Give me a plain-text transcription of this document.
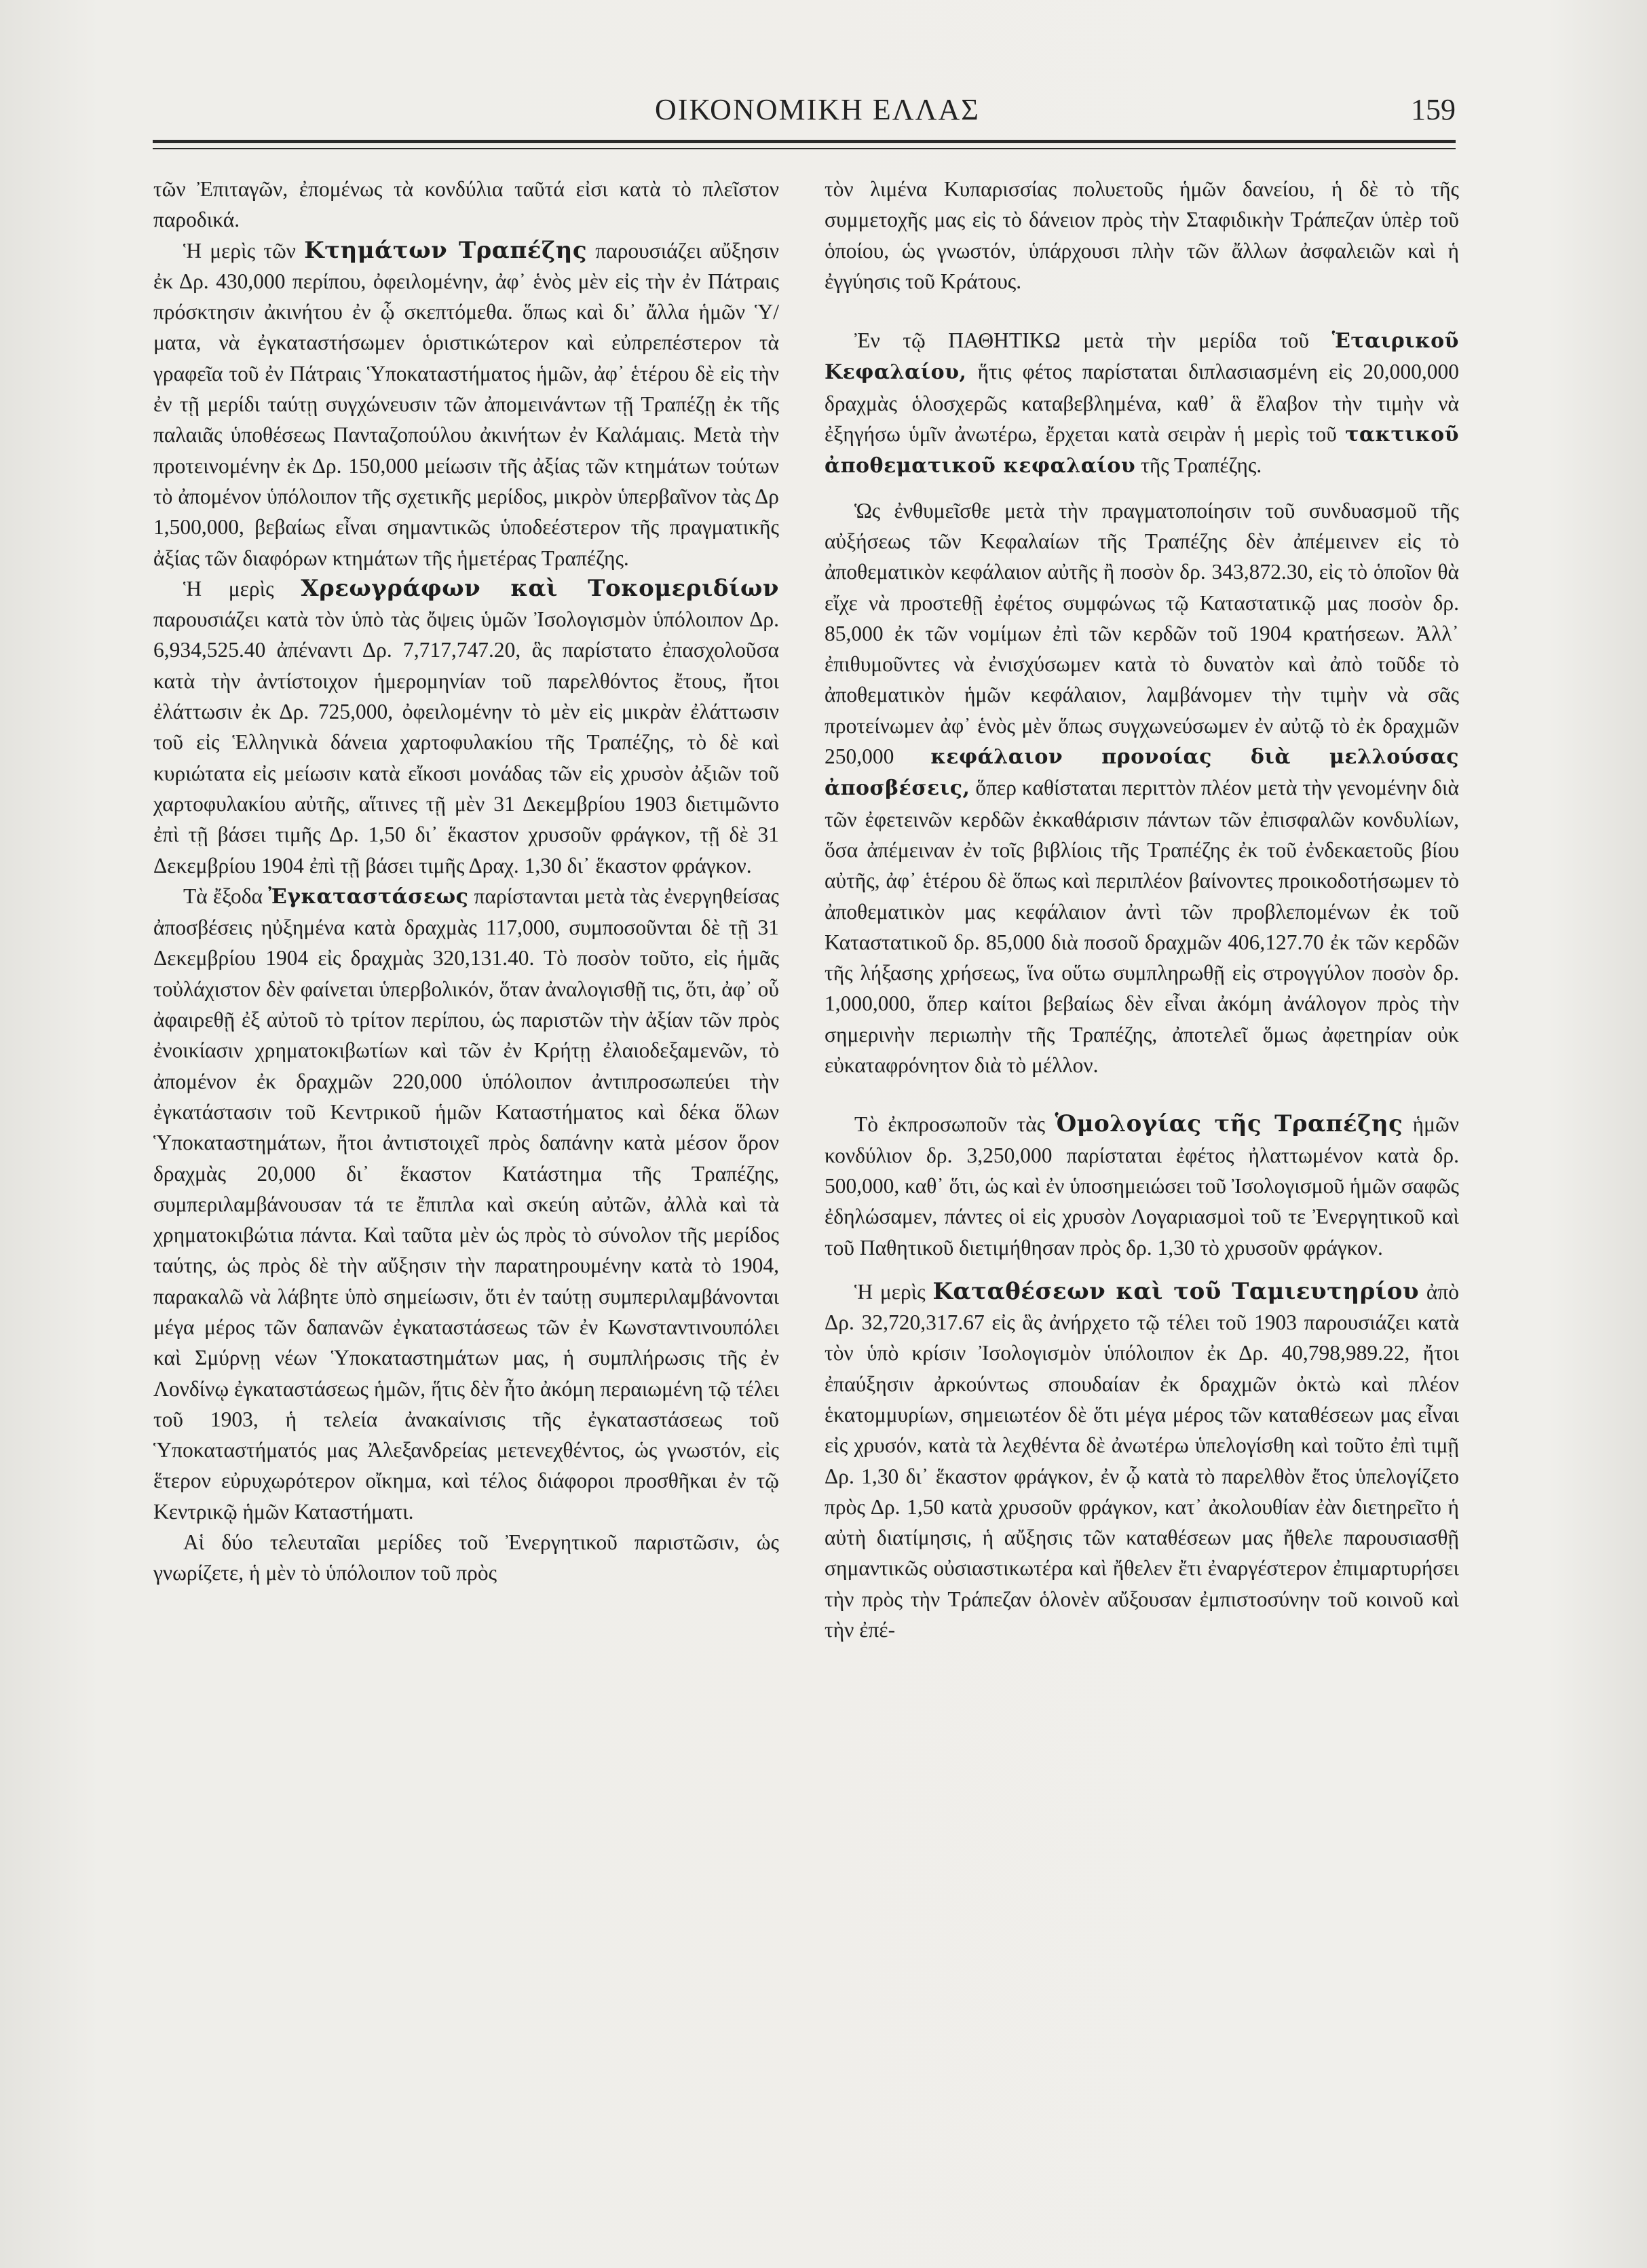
ΟΙΚΟΝΟΜΙΚΗ ΕΛΛΑΣ	159

τῶν Ἐπιταγῶν, ἐπομένως τὰ κονδύλια ταῦτά εἰσι κατὰ τὸ πλεῖστον παροδικά.

Ἡ μερὶς τῶν Κτημάτων Τραπέζης παρουσιάζει αὔξησιν ἐκ Δρ. 430,000 περίπου, ὀφειλομένην, ἀφ᾽ ἑνὸς μὲν εἰς τὴν ἐν Πάτραις πρόσκτησιν ἀκινήτου ἐν ᾧ σκεπτόμεθα. ὅπως καὶ δι᾽ ἄλλα ἡμῶν Ὑ/ματα, νὰ ἐγκαταστήσωμεν ὁριστικώτερον καὶ εὐπρεπέστερον τὰ γραφεῖα τοῦ ἐν Πάτραις Ὑποκαταστήματος ἡμῶν, ἀφ᾽ ἑτέρου δὲ εἰς τὴν ἐν τῇ μερίδι ταύτῃ συγχώνευσιν τῶν ἀπομεινάντων τῇ Τραπέζῃ ἐκ τῆς παλαιᾶς ὑποθέσεως Πανταζοπούλου ἀκινήτων ἐν Καλάμαις. Μετὰ τὴν προτεινομένην ἐκ Δρ. 150,000 μείωσιν τῆς ἀξίας τῶν κτημάτων τούτων τὸ ἀπομένον ὑπόλοιπον τῆς σχετικῆς μερίδος, μικρὸν ὑπερβαῖνον τὰς Δρ 1,500,000, βεβαίως εἶναι σημαντικῶς ὑποδεέστερον τῆς πραγματικῆς ἀξίας τῶν διαφόρων κτημάτων τῆς ἡμετέρας Τραπέζης.

Ἡ μερὶς Χρεωγράφων καὶ Τοκομεριδίων παρουσιάζει κατὰ τὸν ὑπὸ τὰς ὄψεις ὑμῶν Ἰσολογισμὸν ὑπόλοιπον Δρ. 6,934,525.40 ἀπέναντι Δρ. 7,717,747.20, ἃς παρίστατο ἐπασχολοῦσα κατὰ τὴν ἀντίστοιχον ἡμερομηνίαν τοῦ παρελθόντος ἔτους, ἤτοι ἐλάττωσιν ἐκ Δρ. 725,000, ὀφειλομένην τὸ μὲν εἰς μικρὰν ἐλάττωσιν τοῦ εἰς Ἑλληνικὰ δάνεια χαρτοφυλακίου τῆς Τραπέζης, τὸ δὲ καὶ κυριώτατα εἰς μείωσιν κατὰ εἴκοσι μονάδας τῶν εἰς χρυσὸν ἀξιῶν τοῦ χαρτοφυλακίου αὐτῆς, αἵτινες τῇ μὲν 31 Δεκεμβρίου 1903 διετιμῶντο ἐπὶ τῇ βάσει τιμῆς Δρ. 1,50 δι᾽ ἕκαστον χρυσοῦν φράγκον, τῇ δὲ 31 Δεκεμβρίου 1904 ἐπὶ τῇ βάσει τιμῆς Δραχ. 1,30 δι᾽ ἕκαστον φράγκον.

Τὰ ἔξοδα Ἐγκαταστάσεως παρίστανται μετὰ τὰς ἐνεργηθείσας ἀποσβέσεις ηὐξημένα κατὰ δραχμὰς 117,000, συμποσοῦνται δὲ τῇ 31 Δεκεμβρίου 1904 εἰς δραχμὰς 320,131.40. Τὸ ποσὸν τοῦτο, εἰς ἡμᾶς τοὐλάχιστον δὲν φαίνεται ὑπερβολικόν, ὅταν ἀναλογισθῇ τις, ὅτι, ἀφ᾽ οὗ ἀφαιρεθῇ ἐξ αὐτοῦ τὸ τρίτον περίπου, ὡς παριστῶν τὴν ἀξίαν τῶν πρὸς ἐνοικίασιν χρηματοκιβωτίων καὶ τῶν ἐν Κρήτῃ ἐλαιοδεξαμενῶν, τὸ ἀπομένον ἐκ δραχμῶν 220,000 ὑπόλοιπον ἀντιπροσωπεύει τὴν ἐγκατάστασιν τοῦ Κεντρικοῦ ἡμῶν Καταστήματος καὶ δέκα ὅλων Ὑποκαταστημάτων, ἤτοι ἀντιστοιχεῖ πρὸς δαπάνην κατὰ μέσον ὅρον δραχμὰς 20,000 δι᾽ ἕκαστον Κατάστημα τῆς Τραπέζης, συμπεριλαμβάνουσαν τά τε ἔπιπλα καὶ σκεύη αὐτῶν, ἀλλὰ καὶ τὰ χρηματοκιβώτια πάντα. Καὶ ταῦτα μὲν ὡς πρὸς τὸ σύνολον τῆς μερίδος ταύτης, ὡς πρὸς δὲ τὴν αὔξησιν τὴν παρατηρουμένην κατὰ τὸ 1904, παρακαλῶ νὰ λάβητε ὑπὸ σημείωσιν, ὅτι ἐν ταύτῃ συμπεριλαμβάνονται μέγα μέρος τῶν δαπανῶν ἐγκαταστάσεως τῶν ἐν Κωνσταντινουπόλει καὶ Σμύρνῃ νέων Ὑποκαταστημάτων μας, ἡ συμπλήρωσις τῆς ἐν Λονδίνῳ ἐγκαταστάσεως ἡμῶν, ἥτις δὲν ἦτο ἀκόμη περαιωμένη τῷ τέλει τοῦ 1903, ἡ τελεία ἀνακαίνισις τῆς ἐγκαταστάσεως τοῦ Ὑποκαταστήματός μας Ἀλεξανδρείας μετενεχθέντος, ὡς γνωστόν, εἰς ἕτερον εὐρυχωρότερον οἴκημα, καὶ τέλος διάφοροι προσθῆκαι ἐν τῷ Κεντρικῷ ἡμῶν Καταστήματι.

Αἱ δύο τελευταῖαι μερίδες τοῦ Ἐνεργητικοῦ παριστῶσιν, ὡς γνωρίζετε, ἡ μὲν τὸ ὑπόλοιπον τοῦ πρὸς

τὸν λιμένα Κυπαρισσίας πολυετοῦς ἡμῶν δανείου, ἡ δὲ τὸ τῆς συμμετοχῆς μας εἰς τὸ δάνειον πρὸς τὴν Σταφιδικὴν Τράπεζαν ὑπὲρ τοῦ ὁποίου, ὡς γνωστόν, ὑπάρχουσι πλὴν τῶν ἄλλων ἀσφαλειῶν καὶ ἡ ἐγγύησις τοῦ Κράτους.

Ἐν τῷ ΠΑΘΗΤΙΚΩ μετὰ τὴν μερίδα τοῦ Ἑταιρικοῦ Κεφαλαίου, ἥτις φέτος παρίσταται διπλασιασμένη εἰς 20,000,000 δραχμὰς ὁλοσχερῶς καταβεβλημένα, καθ᾽ ἃ ἔλαβον τὴν τιμὴν νὰ ἐξηγήσω ὑμῖν ἀνωτέρω, ἔρχεται κατὰ σειρὰν ἡ μερὶς τοῦ τακτικοῦ ἀποθεματικοῦ κεφαλαίου τῆς Τραπέζης.

Ὡς ἐνθυμεῖσθε μετὰ τὴν πραγματοποίησιν τοῦ συνδυασμοῦ τῆς αὐξήσεως τῶν Κεφαλαίων τῆς Τραπέζης δὲν ἀπέμεινεν εἰς τὸ ἀποθεματικὸν κεφάλαιον αὐτῆς ἢ ποσὸν δρ. 343,872.30, εἰς τὸ ὁποῖον θὰ εἴχε νὰ προστεθῇ ἐφέτος συμφώνως τῷ Καταστατικῷ μας ποσὸν δρ. 85,000 ἐκ τῶν νομίμων ἐπὶ τῶν κερδῶν τοῦ 1904 κρατήσεων. Ἀλλ᾽ ἐπιθυμοῦντες νὰ ἐνισχύσωμεν κατὰ τὸ δυνατὸν καὶ ἀπὸ τοῦδε τὸ ἀποθεματικὸν ἡμῶν κεφάλαιον, λαμβάνομεν τὴν τιμὴν νὰ σᾶς προτείνωμεν ἀφ᾽ ἑνὸς μὲν ὅπως συγχωνεύσωμεν ἐν αὐτῷ τὸ ἐκ δραχμῶν 250,000 κεφάλαιον προνοίας διὰ μελλούσας ἀποσβέσεις, ὅπερ καθίσταται περιττὸν πλέον μετὰ τὴν γενομένην διὰ τῶν ἐφετεινῶν κερδῶν ἐκκαθάρισιν πάντων τῶν ἐπισφαλῶν κονδυλίων, ὅσα ἀπέμειναν ἐν τοῖς βιβλίοις τῆς Τραπέζης ἐκ τοῦ ἐνδεκαετοῦς βίου αὐτῆς, ἀφ᾽ ἑτέρου δὲ ὅπως καὶ περιπλέον βαίνοντες προικοδοτήσωμεν τὸ ἀποθεματικὸν μας κεφάλαιον ἀντὶ τῶν προβλεπομένων ἐκ τοῦ Καταστατικοῦ δρ. 85,000 διὰ ποσοῦ δραχμῶν 406,127.70 ἐκ τῶν κερδῶν τῆς λήξασης χρήσεως, ἵνα οὕτω συμπληρωθῇ εἰς στρογγύλον ποσὸν δρ. 1,000,000, ὅπερ καίτοι βεβαίως δὲν εἶναι ἀκόμη ἀνάλογον πρὸς τὴν σημερινὴν περιωπὴν τῆς Τραπέζης, ἀποτελεῖ ὅμως ἀφετηρίαν οὐκ εὐκαταφρόνητον διὰ τὸ μέλλον.

Τὸ ἐκπροσωποῦν τὰς Ὁμολογίας τῆς Τραπέζης ἡμῶν κονδύλιον δρ. 3,250,000 παρίσταται ἐφέτος ἠλαττωμένον κατὰ δρ. 500,000, καθ᾽ ὅτι, ὡς καὶ ἐν ὑποσημειώσει τοῦ Ἰσολογισμοῦ ἡμῶν σαφῶς ἐδηλώσαμεν, πάντες οἱ εἰς χρυσὸν Λογαριασμοὶ τοῦ τε Ἐνεργητικοῦ καὶ τοῦ Παθητικοῦ διετιμήθησαν πρὸς δρ. 1,30 τὸ χρυσοῦν φράγκον.

Ἡ μερὶς Καταθέσεων καὶ τοῦ Ταμιευτηρίου ἀπὸ Δρ. 32,720,317.67 εἰς ἃς ἀνήρχετο τῷ τέλει τοῦ 1903 παρουσιάζει κατὰ τὸν ὑπὸ κρίσιν Ἰσολογισμὸν ὑπόλοιπον ἐκ Δρ. 40,798,989.22, ἤτοι ἐπαύξησιν ἀρκούντως σπουδαίαν ἐκ δραχμῶν ὀκτὼ καὶ πλέον ἑκατομμυρίων, σημειωτέον δὲ ὅτι μέγα μέρος τῶν καταθέσεων μας εἶναι εἰς χρυσόν, κατὰ τὰ λεχθέντα δὲ ἀνωτέρω ὑπελογίσθη καὶ τοῦτο ἐπὶ τιμῇ Δρ. 1,30 δι᾽ ἕκαστον φράγκον, ἐν ᾧ κατὰ τὸ παρελθὸν ἔτος ὑπελογίζετο πρὸς Δρ. 1,50 κατὰ χρυσοῦν φράγκον, κατ᾽ ἀκολουθίαν ἐὰν διετηρεῖτο ἡ αὐτὴ διατίμησις, ἡ αὔξησις τῶν καταθέσεων μας ἤθελε παρουσιασθῇ σημαντικῶς οὐσιαστικωτέρα καὶ ἤθελεν ἔτι ἐναργέστερον ἐπιμαρτυρήσει τὴν πρὸς τὴν Τράπεζαν ὁλονὲν αὔξουσαν ἐμπιστοσύνην τοῦ κοινοῦ καὶ τὴν ἐπέ-
